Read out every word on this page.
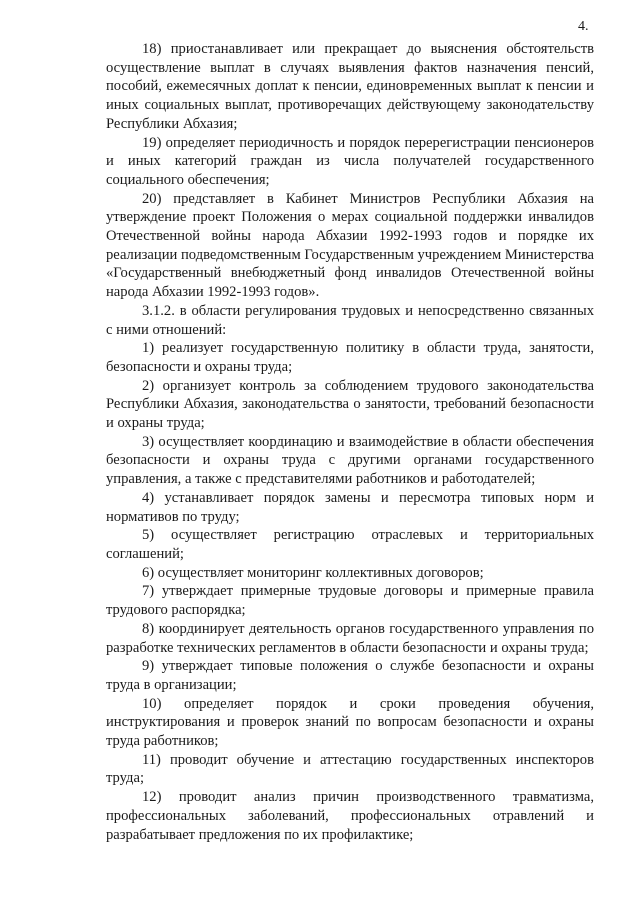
4.

18) приостанавливает или прекращает до выяснения обстоятельств осуществление выплат в случаях выявления фактов назначения пенсий, пособий, ежемесячных доплат к пенсии, единовременных выплат к пенсии и иных социальных выплат, противоречащих действующему законодательству Республики Абхазия;

19) определяет периодичность и порядок перерегистрации пенсионеров и иных категорий граждан из числа получателей государственного социального обеспечения;

20) представляет в Кабинет Министров Республики Абхазия на утверждение проект Положения о мерах социальной поддержки инвалидов Отечественной войны народа Абхазии 1992-1993 годов и порядке их реализации подведомственным Государственным учреждением Министерства «Государственный внебюджетный фонд инвалидов Отечественной войны народа Абхазии 1992-1993 годов».

3.1.2. в области регулирования трудовых и непосредственно связанных с ними отношений:

1) реализует государственную политику в области труда, занятости, безопасности и охраны труда;

2) организует контроль за соблюдением трудового законодательства Республики Абхазия, законодательства о занятости, требований безопасности и охраны труда;

3) осуществляет координацию и взаимодействие в области обеспечения безопасности и охраны труда с другими органами государственного управления, а также с представителями работников и работодателей;

4) устанавливает порядок замены и пересмотра типовых норм и нормативов по труду;

5) осуществляет регистрацию отраслевых и территориальных соглашений;

6) осуществляет мониторинг коллективных договоров;

7) утверждает примерные трудовые договоры и примерные правила трудового распорядка;

8) координирует деятельность органов государственного управления по разработке технических регламентов в области безопасности и охраны труда;

9) утверждает типовые положения о службе безопасности и охраны труда в организации;

10) определяет порядок и сроки проведения обучения, инструктирования и проверок знаний по вопросам безопасности и охраны труда работников;

11) проводит обучение и аттестацию государственных инспекторов труда;

12) проводит анализ причин производственного травматизма, профессиональных заболеваний, профессиональных отравлений и разрабатывает предложения по их профилактике;
